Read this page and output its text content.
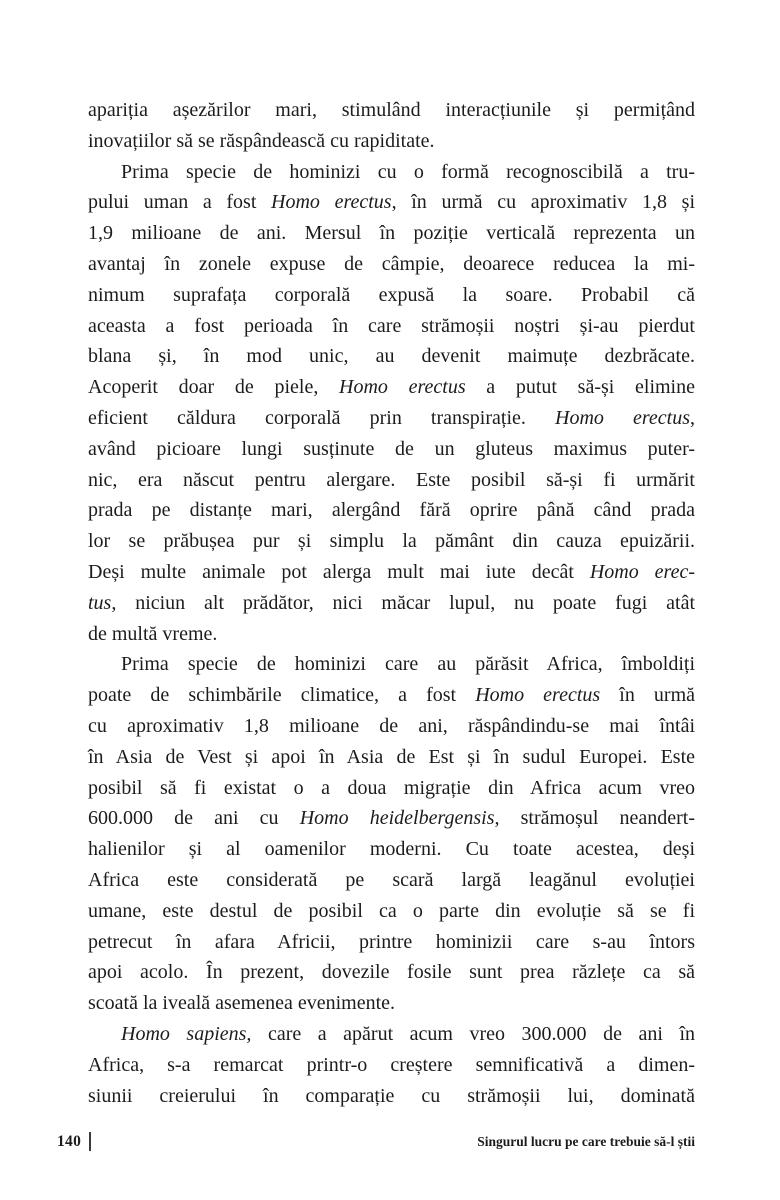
apariția așezărilor mari, stimulând interacțiunile și permițând
inovațiilor să se răspândească cu rapiditate.
Prima specie de hominizi cu o formă recognoscibilă a tru-
pului uman a fost Homo erectus, în urmă cu aproximativ 1,8 și
1,9 milioane de ani. Mersul în poziție verticală reprezenta un
avantaj în zonele expuse de câmpie, deoarece reducea la mi-
nimum suprafața corporală expusă la soare. Probabil că
aceasta a fost perioada în care strămoșii noștri și-au pierdut
blana și, în mod unic, au devenit maimuțe dezbrăcate.
Acoperit doar de piele, Homo erectus a putut să-și elimine
eficient căldura corporală prin transpirație. Homo erectus,
având picioare lungi susținute de un gluteus maximus puter-
nic, era născut pentru alergare. Este posibil să-și fi urmărit
prada pe distanțe mari, alergând fără oprire până când prada
lor se prăbușea pur și simplu la pământ din cauza epuizării.
Deși multe animale pot alerga mult mai iute decât Homo erec-
tus, niciun alt prădător, nici măcar lupul, nu poate fugi atât
de multă vreme.
Prima specie de hominizi care au părăsit Africa, îmboldiți
poate de schimbările climatice, a fost Homo erectus în urmă
cu aproximativ 1,8 milioane de ani, răspândindu-se mai întâi
în Asia de Vest și apoi în Asia de Est și în sudul Europei. Este
posibil să fi existat o a doua migrație din Africa acum vreo
600.000 de ani cu Homo heidelbergensis, strămoșul neandert-
halienilor și al oamenilor moderni. Cu toate acestea, deși
Africa este considerată pe scară largă leagănul evoluției
umane, este destul de posibil ca o parte din evoluție să se fi
petrecut în afara Africii, printre hominizii care s-au întors
apoi acolo. În prezent, dovezile fosile sunt prea răzlețe ca să
scoată la iveală asemenea evenimente.
Homo sapiens, care a apărut acum vreo 300.000 de ani în
Africa, s-a remarcat printr-o creștere semnificativă a dimen-
siunii creierului în comparație cu strămoșii lui, dominată
140	Singurul lucru pe care trebuie să-l știi
